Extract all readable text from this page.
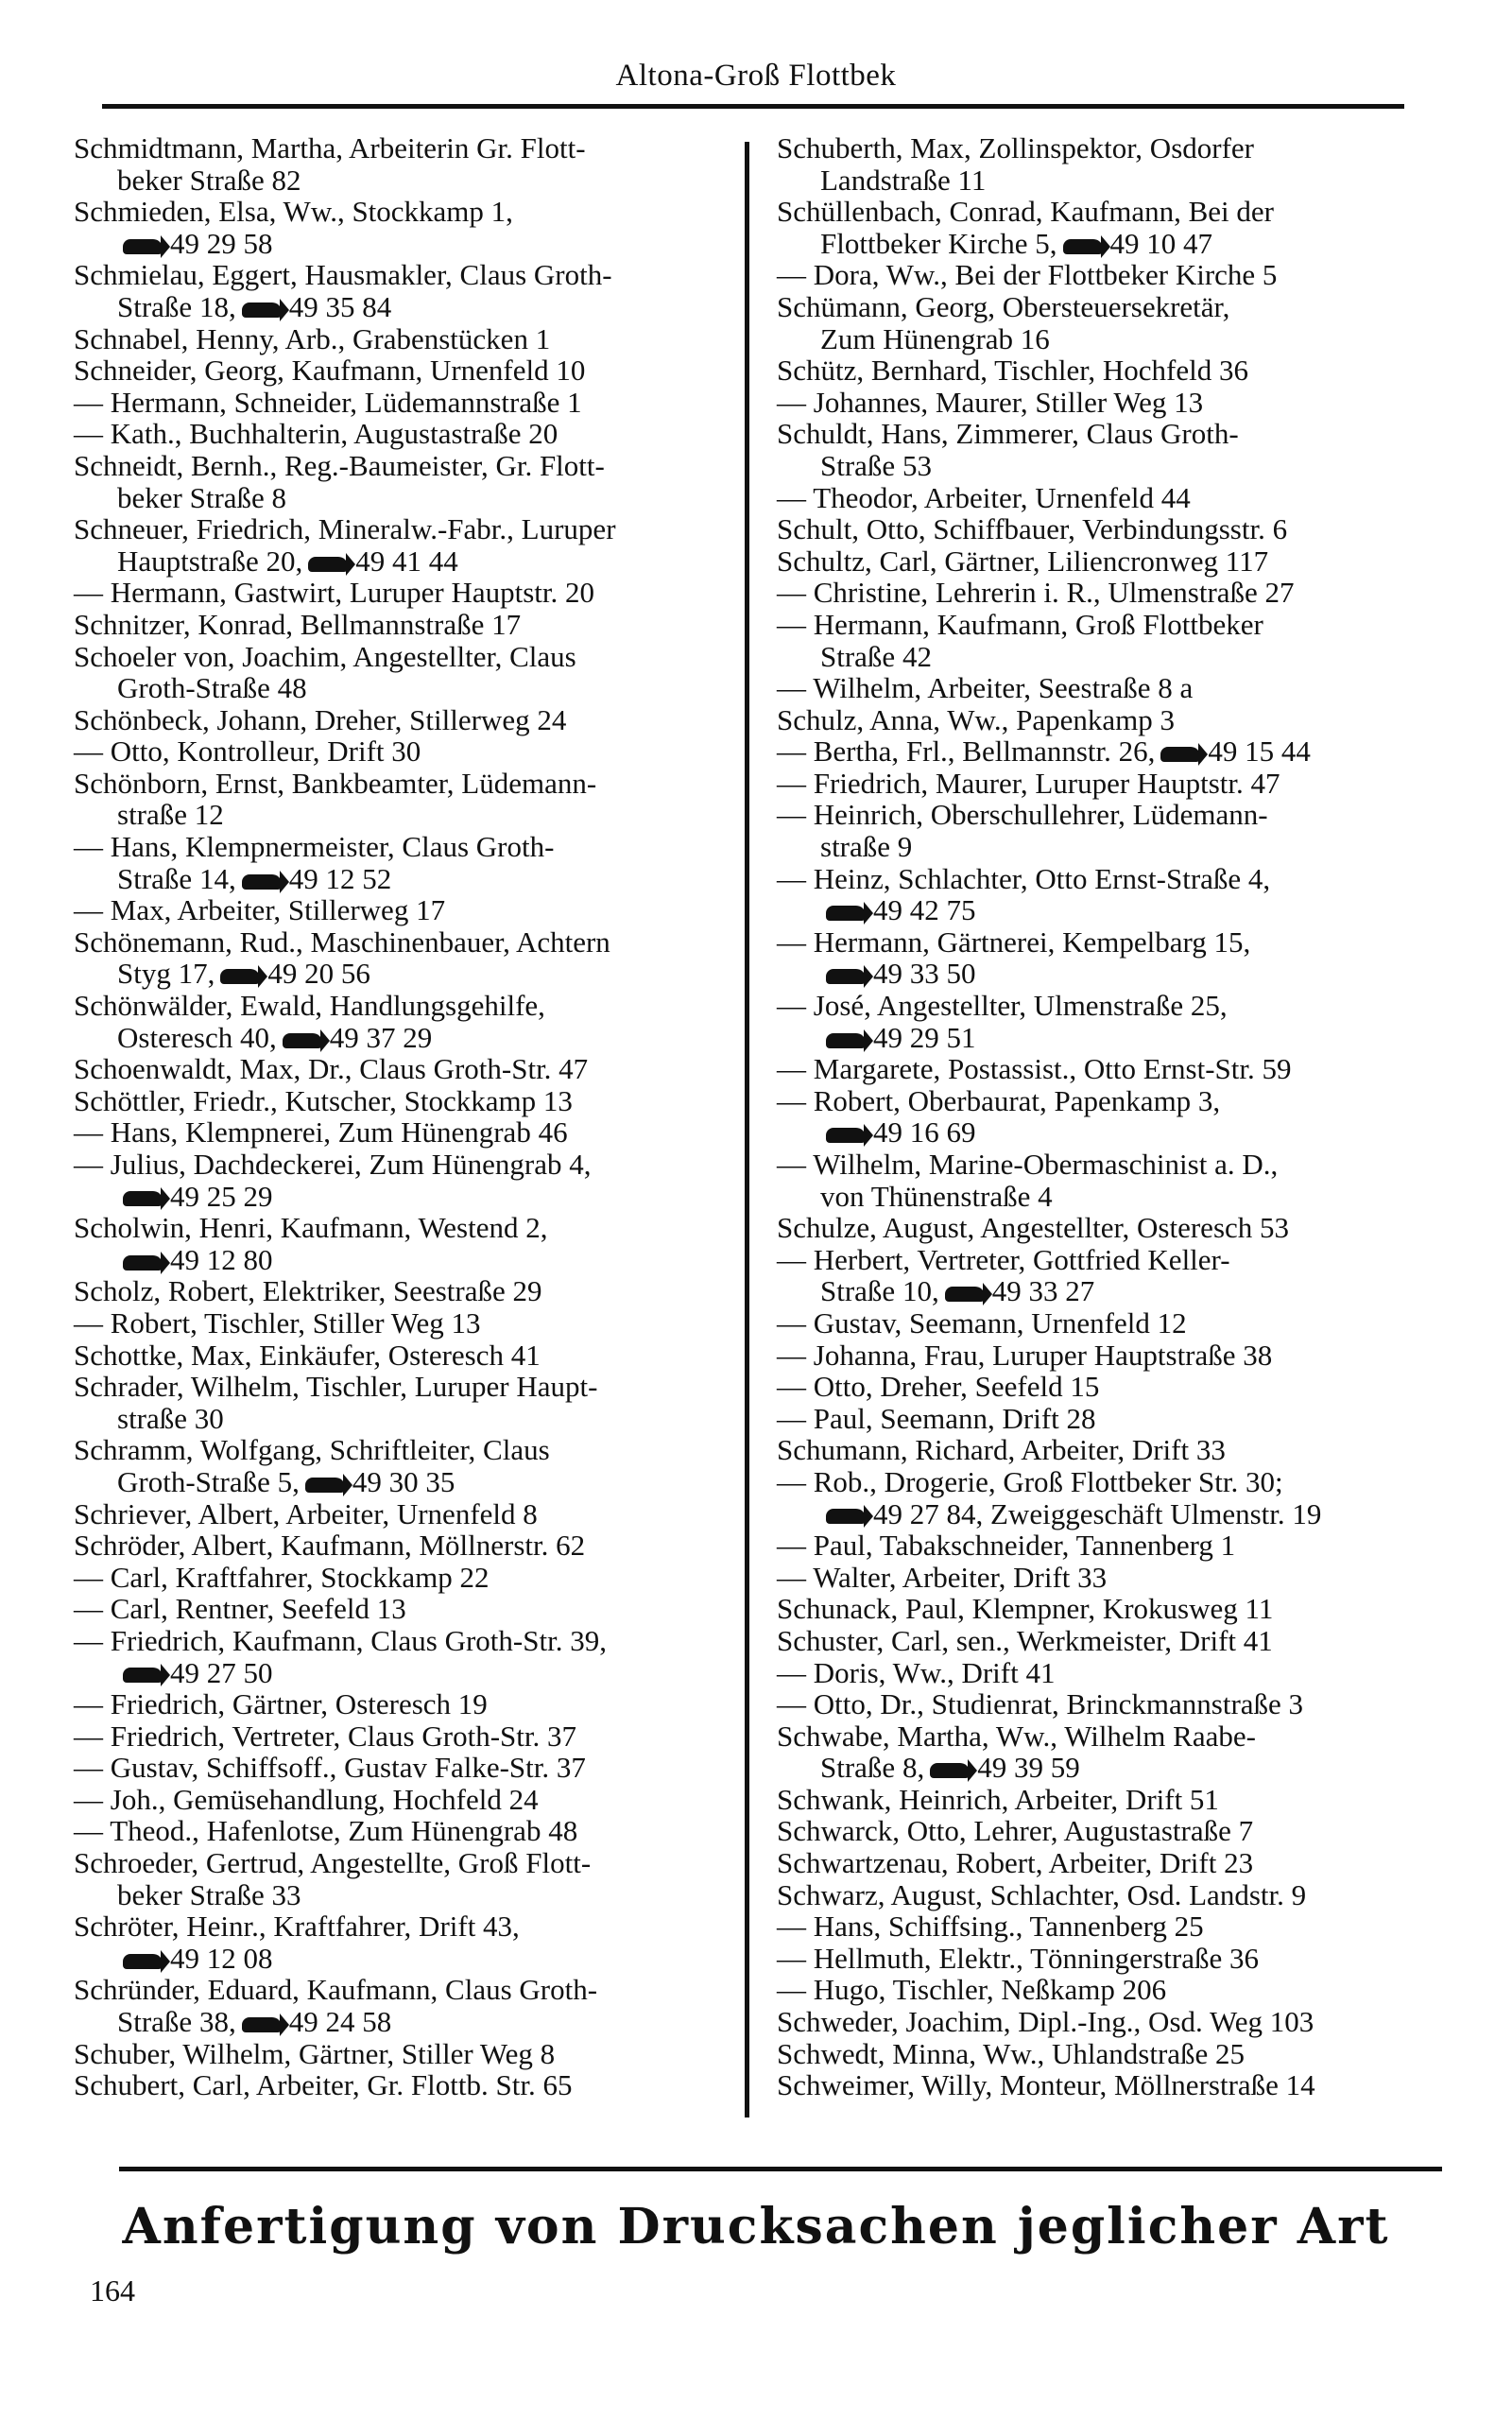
Altona-Groß Flottbek
Schmidtmann, Martha, Arbeiterin Gr. Flott-
beker Straße 82
Schmieden, Elsa, Ww., Stockkamp 1,
49 29 58
Schmielau, Eggert, Hausmakler, Claus Groth-
Straße 18, 49 35 84
Schnabel, Henny, Arb., Grabenstücken 1
Schneider, Georg, Kaufmann, Urnenfeld 10
— Hermann, Schneider, Lüdemannstraße 1
— Kath., Buchhalterin, Augustastraße 20
Schneidt, Bernh., Reg.-Baumeister, Gr. Flott-
beker Straße 8
Schneuer, Friedrich, Mineralw.-Fabr., Luruper
Hauptstraße 20, 49 41 44
— Hermann, Gastwirt, Luruper Hauptstr. 20
Schnitzer, Konrad, Bellmannstraße 17
Schoeler von, Joachim, Angestellter, Claus
Groth-Straße 48
Schönbeck, Johann, Dreher, Stillerweg 24
— Otto, Kontrolleur, Drift 30
Schönborn, Ernst, Bankbeamter, Lüdemann-
straße 12
— Hans, Klempnermeister, Claus Groth-
Straße 14, 49 12 52
— Max, Arbeiter, Stillerweg 17
Schönemann, Rud., Maschinenbauer, Achtern
Styg 17, 49 20 56
Schönwälder, Ewald, Handlungsgehilfe,
Osteresch 40, 49 37 29
Schoenwaldt, Max, Dr., Claus Groth-Str. 47
Schöttler, Friedr., Kutscher, Stockkamp 13
— Hans, Klempnerei, Zum Hünengrab 46
— Julius, Dachdeckerei, Zum Hünengrab 4,
49 25 29
Scholwin, Henri, Kaufmann, Westend 2,
49 12 80
Scholz, Robert, Elektriker, Seestraße 29
— Robert, Tischler, Stiller Weg 13
Schottke, Max, Einkäufer, Osteresch 41
Schrader, Wilhelm, Tischler, Luruper Haupt-
straße 30
Schramm, Wolfgang, Schriftleiter, Claus
Groth-Straße 5, 49 30 35
Schriever, Albert, Arbeiter, Urnenfeld 8
Schröder, Albert, Kaufmann, Möllnerstr. 62
— Carl, Kraftfahrer, Stockkamp 22
— Carl, Rentner, Seefeld 13
— Friedrich, Kaufmann, Claus Groth-Str. 39,
49 27 50
— Friedrich, Gärtner, Osteresch 19
— Friedrich, Vertreter, Claus Groth-Str. 37
— Gustav, Schiffsoff., Gustav Falke-Str. 37
— Joh., Gemüsehandlung, Hochfeld 24
— Theod., Hafenlotse, Zum Hünengrab 48
Schroeder, Gertrud, Angestellte, Groß Flott-
beker Straße 33
Schröter, Heinr., Kraftfahrer, Drift 43,
49 12 08
Schründer, Eduard, Kaufmann, Claus Groth-
Straße 38, 49 24 58
Schuber, Wilhelm, Gärtner, Stiller Weg 8
Schubert, Carl, Arbeiter, Gr. Flottb. Str. 65
Schuberth, Max, Zollinspektor, Osdorfer
Landstraße 11
Schüllenbach, Conrad, Kaufmann, Bei der
Flottbeker Kirche 5, 49 10 47
— Dora, Ww., Bei der Flottbeker Kirche 5
Schümann, Georg, Obersteuersekretär,
Zum Hünengrab 16
Schütz, Bernhard, Tischler, Hochfeld 36
— Johannes, Maurer, Stiller Weg 13
Schuldt, Hans, Zimmerer, Claus Groth-
Straße 53
— Theodor, Arbeiter, Urnenfeld 44
Schult, Otto, Schiffbauer, Verbindungsstr. 6
Schultz, Carl, Gärtner, Liliencronweg 117
— Christine, Lehrerin i. R., Ulmenstraße 27
— Hermann, Kaufmann, Groß Flottbeker
Straße 42
— Wilhelm, Arbeiter, Seestraße 8 a
Schulz, Anna, Ww., Papenkamp 3
— Bertha, Frl., Bellmannstr. 26, 49 15 44
— Friedrich, Maurer, Luruper Hauptstr. 47
— Heinrich, Oberschullehrer, Lüdemann-
straße 9
— Heinz, Schlachter, Otto Ernst-Straße 4,
49 42 75
— Hermann, Gärtnerei, Kempelbarg 15,
49 33 50
— José, Angestellter, Ulmenstraße 25,
49 29 51
— Margarete, Postassist., Otto Ernst-Str. 59
— Robert, Oberbaurat, Papenkamp 3,
49 16 69
— Wilhelm, Marine-Obermaschinist a. D.,
von Thünenstraße 4
Schulze, August, Angestellter, Osteresch 53
— Herbert, Vertreter, Gottfried Keller-
Straße 10, 49 33 27
— Gustav, Seemann, Urnenfeld 12
— Johanna, Frau, Luruper Hauptstraße 38
— Otto, Dreher, Seefeld 15
— Paul, Seemann, Drift 28
Schumann, Richard, Arbeiter, Drift 33
— Rob., Drogerie, Groß Flottbeker Str. 30;
49 27 84, Zweiggeschäft Ulmenstr. 19
— Paul, Tabakschneider, Tannenberg 1
— Walter, Arbeiter, Drift 33
Schunack, Paul, Klempner, Krokusweg 11
Schuster, Carl, sen., Werkmeister, Drift 41
— Doris, Ww., Drift 41
— Otto, Dr., Studienrat, Brinckmannstraße 3
Schwabe, Martha, Ww., Wilhelm Raabe-
Straße 8, 49 39 59
Schwank, Heinrich, Arbeiter, Drift 51
Schwarck, Otto, Lehrer, Augustastraße 7
Schwartzenau, Robert, Arbeiter, Drift 23
Schwarz, August, Schlachter, Osd. Landstr. 9
— Hans, Schiffsing., Tannenberg 25
— Hellmuth, Elektr., Tönningerstraße 36
— Hugo, Tischler, Neßkamp 206
Schweder, Joachim, Dipl.-Ing., Osd. Weg 103
Schwedt, Minna, Ww., Uhlandstraße 25
Schweimer, Willy, Monteur, Möllnerstraße 14
Anfertigung von Drucksachen jeglicher Art
164
